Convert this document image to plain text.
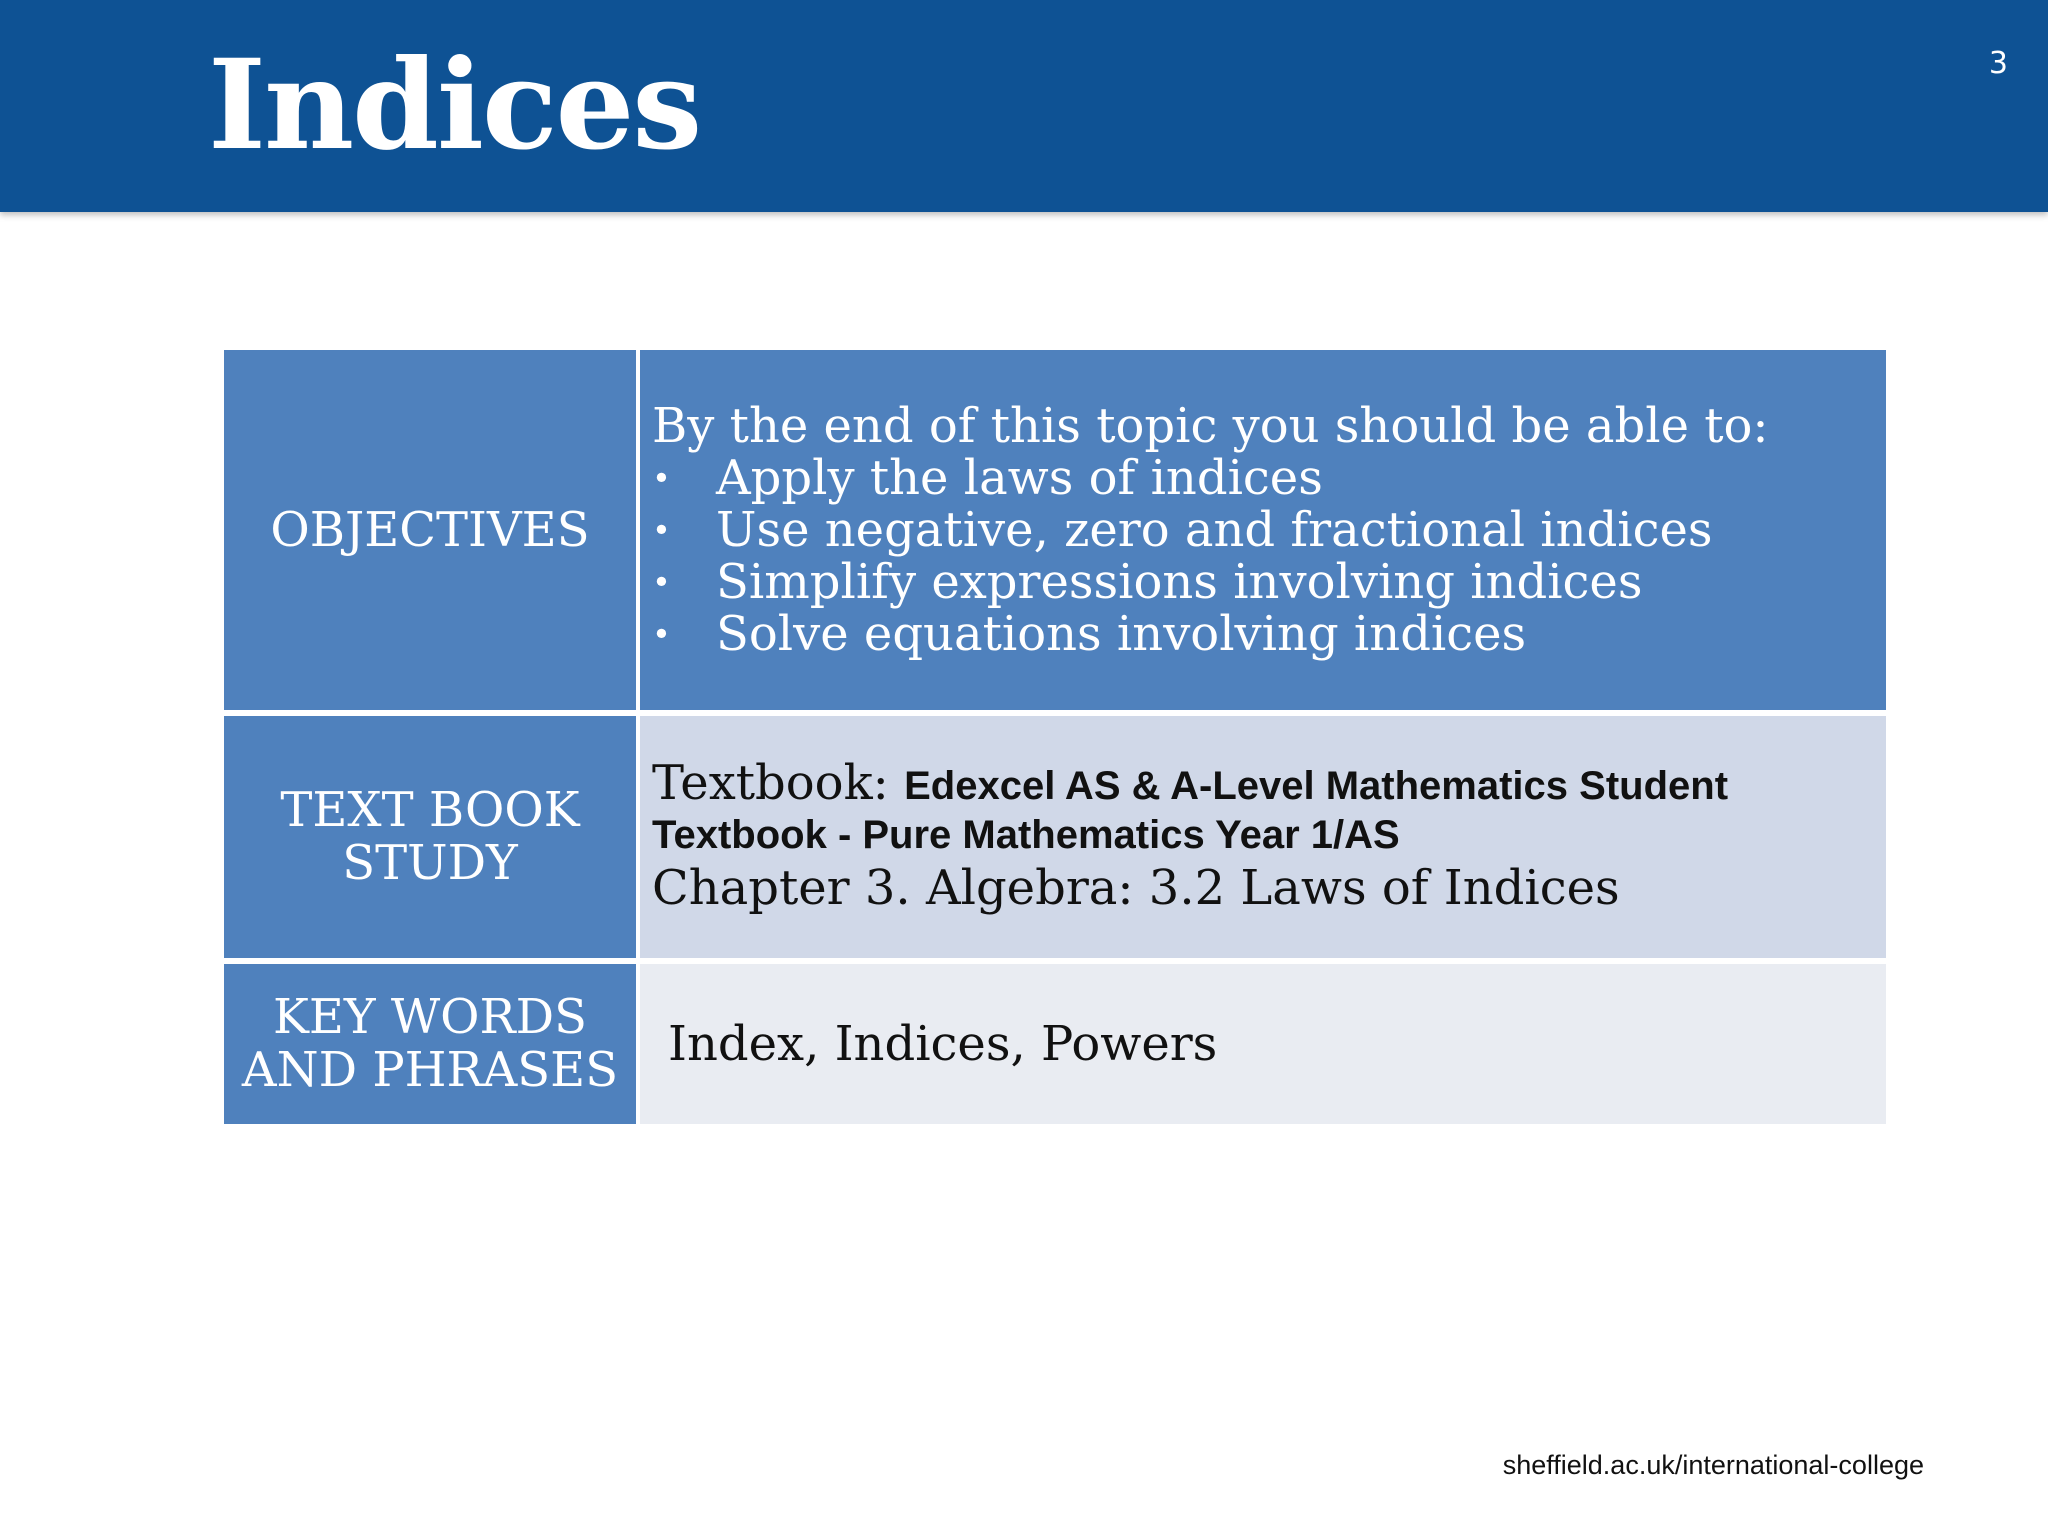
Indices	3
OBJECTIVES
By the end of this topic you should be able to:
• Apply the laws of indices
• Use negative, zero and fractional indices
• Simplify expressions involving indices
• Solve equations involving indices
TEXT BOOK
STUDY
Textbook: Edexcel AS & A-Level Mathematics Student
Textbook - Pure Mathematics Year 1/AS
Chapter 3. Algebra: 3.2 Laws of Indices
KEY WORDS
AND PHRASES	Index, Indices, Powers
sheffield.ac.uk/international-college
